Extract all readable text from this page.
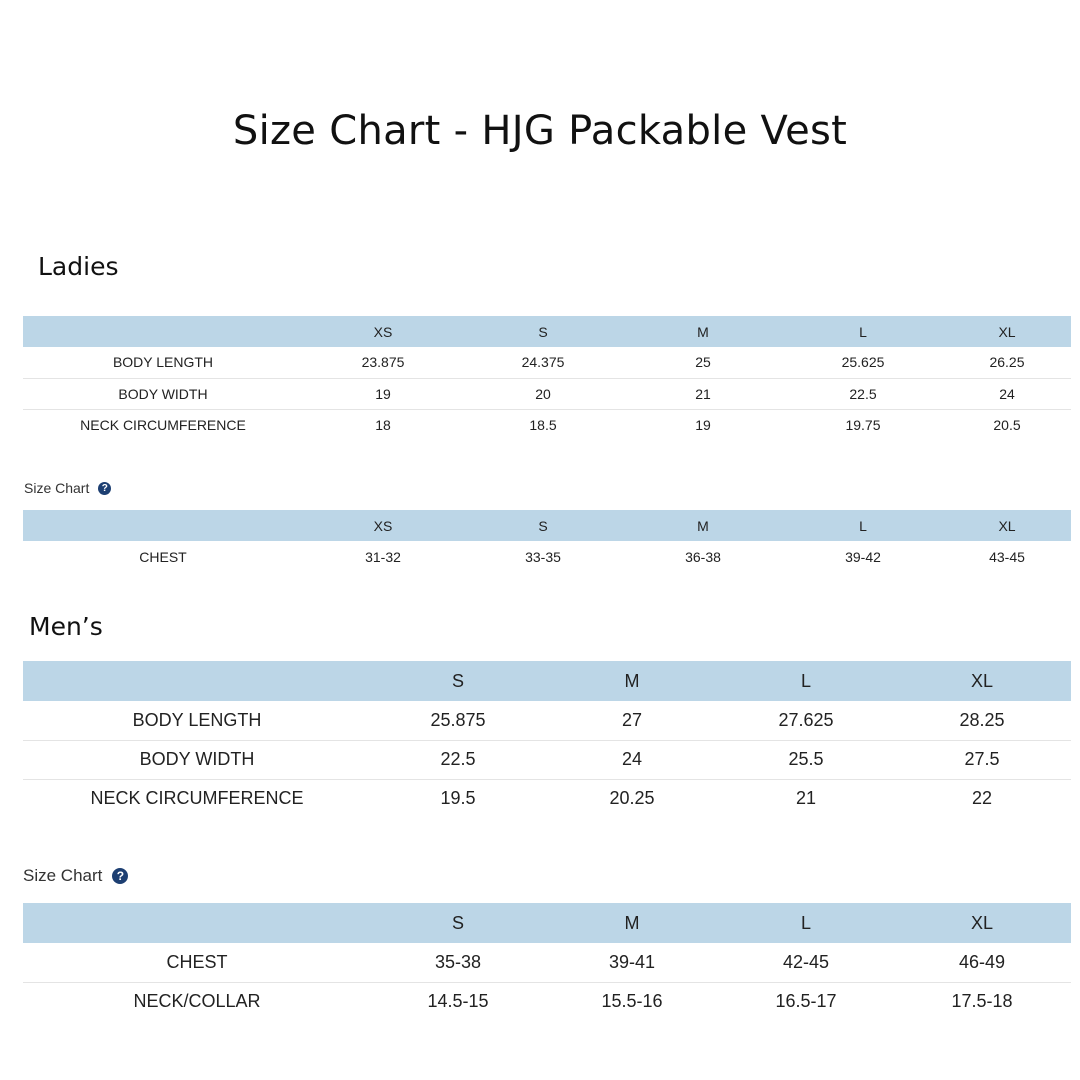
Size Chart - HJG Packable Vest
Ladies
	XS	S	M	L	XL
BODY LENGTH	23.875	24.375	25	25.625	26.25
BODY WIDTH	19	20	21	22.5	24
NECK CIRCUMFERENCE	18	18.5	19	19.75	20.5
Size Chart	?
	XS	S	M	L	XL
CHEST	31-32	33-35	36-38	39-42	43-45
Men’s
	S	M	L	XL
BODY LENGTH	25.875	27	27.625	28.25
BODY WIDTH	22.5	24	25.5	27.5
NECK CIRCUMFERENCE	19.5	20.25	21	22
Size Chart	?
	S	M	L	XL
CHEST	35-38	39-41	42-45	46-49
NECK/COLLAR	14.5-15	15.5-16	16.5-17	17.5-18
